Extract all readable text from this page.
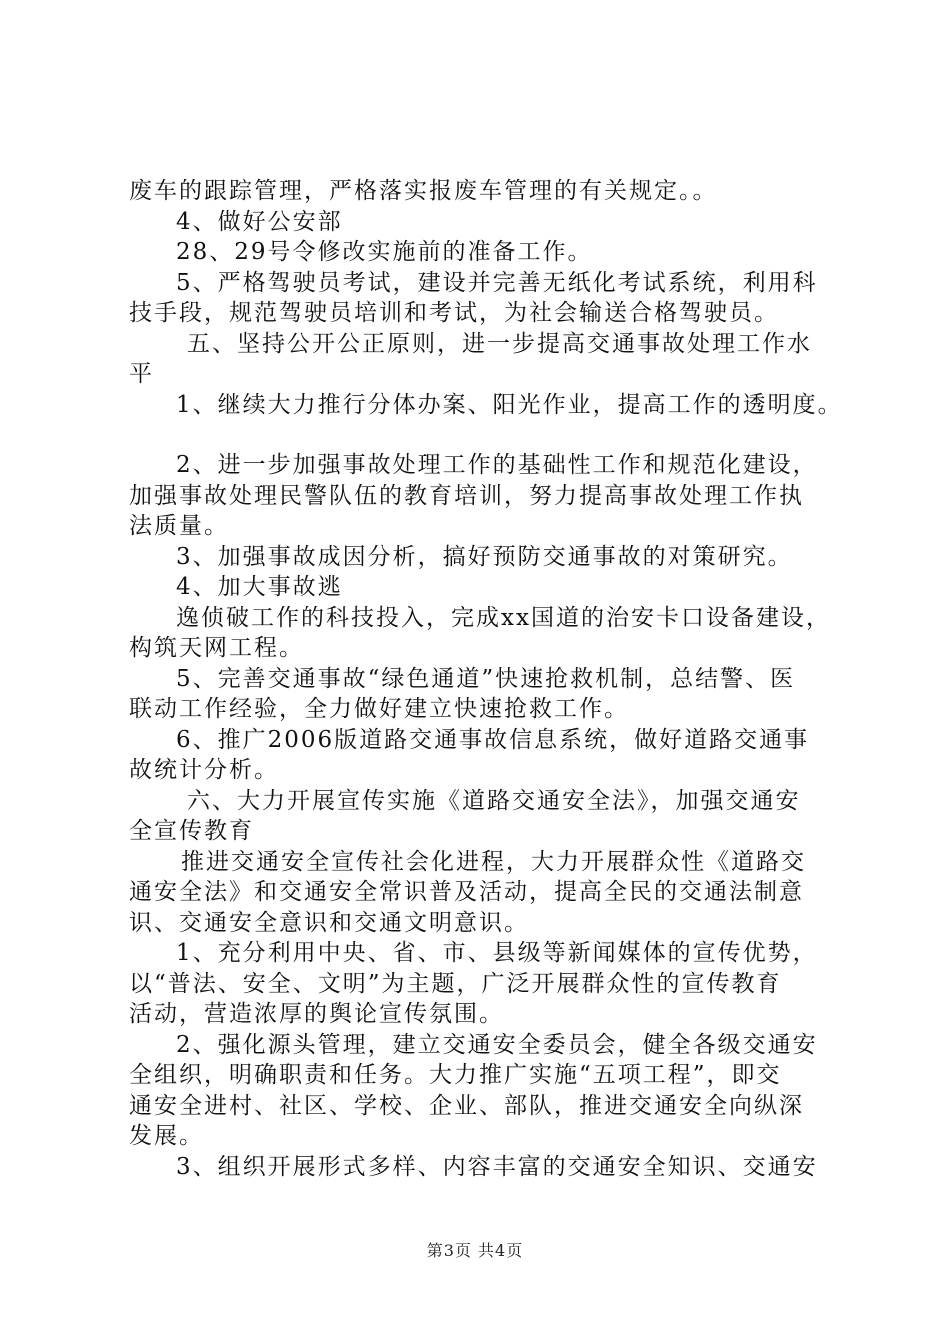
废车的跟踪管理，严格落实报废车管理的有关规定。。
4、做好公安部
28、29号令修改实施前的准备工作。
5、严格驾驶员考试，建设并完善无纸化考试系统，利用科
技手段，规范驾驶员培训和考试，为社会输送合格驾驶员。
五、坚持公开公正原则，进一步提高交通事故处理工作水
平
1、继续大力推行分体办案、阳光作业，提高工作的透明度。
2、进一步加强事故处理工作的基础性工作和规范化建设，
加强事故处理民警队伍的教育培训，努力提高事故处理工作执
法质量。
3、加强事故成因分析，搞好预防交通事故的对策研究。
4、加大事故逃
逸侦破工作的科技投入，完成xx国道的治安卡口设备建设，
构筑天网工程。
5、完善交通事故“绿色通道”快速抢救机制，总结警、医
联动工作经验，全力做好建立快速抢救工作。
6、推广2006版道路交通事故信息系统，做好道路交通事
故统计分析。
六、大力开展宣传实施《道路交通安全法》，加强交通安
全宣传教育
推进交通安全宣传社会化进程，大力开展群众性《道路交
通安全法》和交通安全常识普及活动，提高全民的交通法制意
识、交通安全意识和交通文明意识。
1、充分利用中央、省、市、县级等新闻媒体的宣传优势，
以“普法、安全、文明”为主题，广泛开展群众性的宣传教育
活动，营造浓厚的舆论宣传氛围。
2、强化源头管理，建立交通安全委员会，健全各级交通安
全组织，明确职责和任务。大力推广实施“五项工程”，即交
通安全进村、社区、学校、企业、部队，推进交通安全向纵深
发展。
3、组织开展形式多样、内容丰富的交通安全知识、交通安
第3页 共4页
